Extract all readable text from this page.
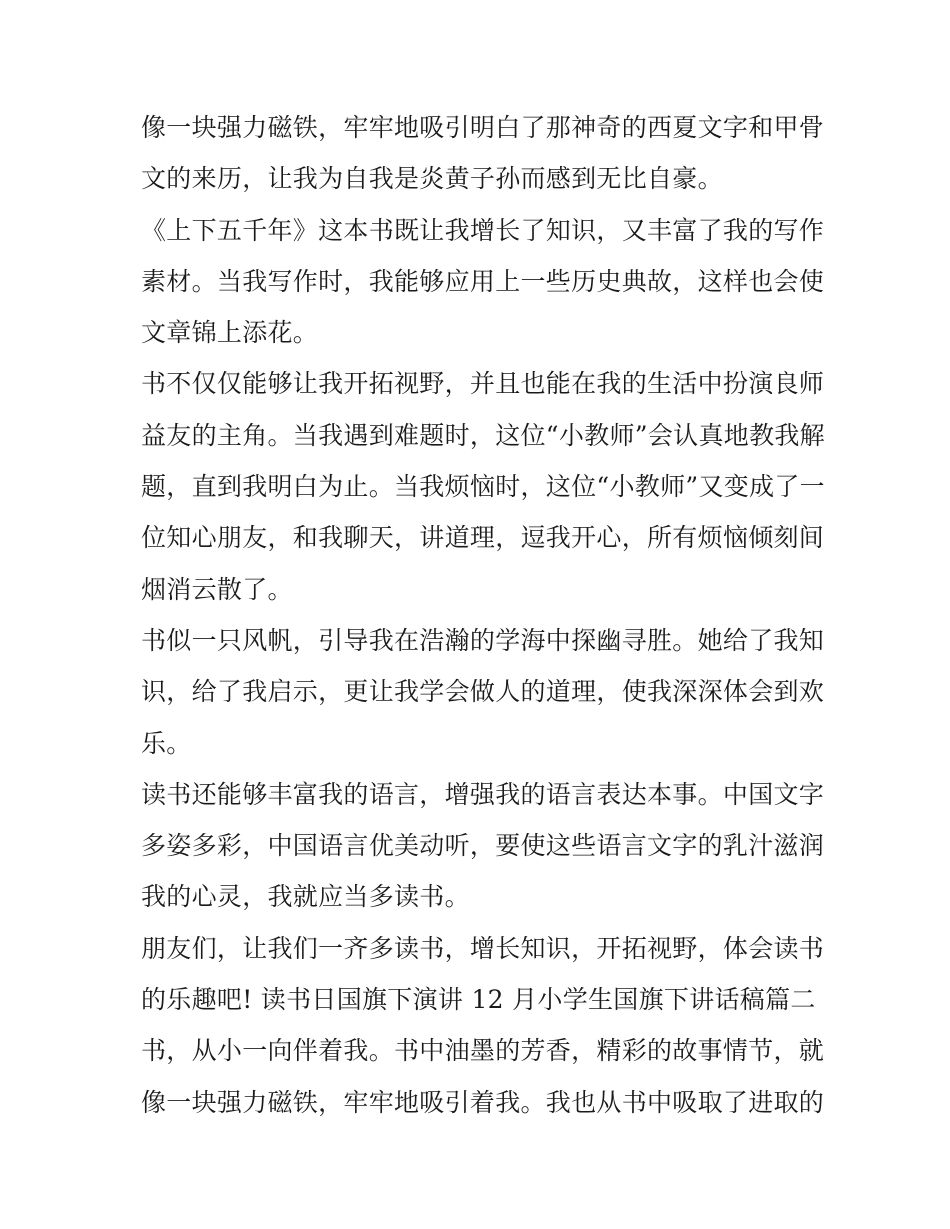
像一块强力磁铁，牢牢地吸引明白了那神奇的西夏文字和甲骨
文的来历，让我为自我是炎黄子孙而感到无比自豪。
《上下五千年》这本书既让我增长了知识，又丰富了我的写作
素材。当我写作时，我能够应用上一些历史典故，这样也会使
文章锦上添花。
书不仅仅能够让我开拓视野，并且也能在我的生活中扮演良师
益友的主角。当我遇到难题时，这位“小教师”会认真地教我解
题，直到我明白为止。当我烦恼时，这位“小教师”又变成了一
位知心朋友，和我聊天，讲道理，逗我开心，所有烦恼倾刻间
烟消云散了。
书似一只风帆，引导我在浩瀚的学海中探幽寻胜。她给了我知
识，给了我启示，更让我学会做人的道理，使我深深体会到欢
乐。
读书还能够丰富我的语言，增强我的语言表达本事。中国文字
多姿多彩，中国语言优美动听，要使这些语言文字的乳汁滋润
我的心灵，我就应当多读书。
朋友们，让我们一齐多读书，增长知识，开拓视野，体会读书
的乐趣吧! 读书日国旗下演讲 12 月小学生国旗下讲话稿篇二
书，从小一向伴着我。书中油墨的芳香，精彩的故事情节，就
像一块强力磁铁，牢牢地吸引着我。我也从书中吸取了进取的
